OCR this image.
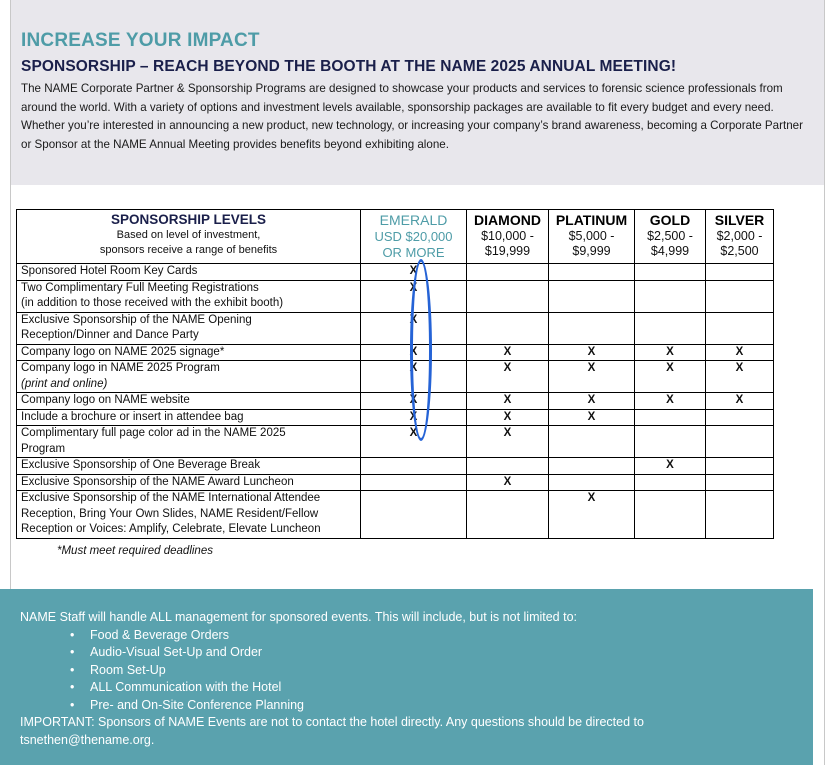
INCREASE YOUR IMPACT
SPONSORSHIP – REACH BEYOND THE BOOTH AT THE NAME 2025 ANNUAL MEETING!

The NAME Corporate Partner & Sponsorship Programs are designed to showcase your products and services to forensic science professionals from around the world. With a variety of options and investment levels available, sponsorship packages are available to fit every budget and every need. Whether you’re interested in announcing a new product, new technology, or increasing your company’s brand awareness, becoming a Corporate Partner or Sponsor at the NAME Annual Meeting provides benefits beyond exhibiting alone.

SPONSORSHIP LEVELS
Based on level of investment,
sponsors receive a range of benefits	EMERALD
USD $20,000
OR MORE	DIAMOND
$10,000 -
$19,999	PLATINUM
$5,000 -
$9,999	GOLD
$2,500 -
$4,999	SILVER
$2,000 -
$2,500

Sponsored Hotel Room Key Cards	X				
Two Complimentary Full Meeting Registrations
(in addition to those received with the exhibit booth)	X				
Exclusive Sponsorship of the NAME Opening
Reception/Dinner and Dance Party	X				
Company logo on NAME 2025 signage*	X	X	X	X	X
Company logo in NAME 2025 Program
(print and online)	X	X	X	X	X
Company logo on NAME website	X	X	X	X	X
Include a brochure or insert in attendee bag	X	X	X		
Complimentary full page color ad in the NAME 2025
Program	X	X			
Exclusive Sponsorship of One Beverage Break				X	
Exclusive Sponsorship of the NAME Award Luncheon		X			
Exclusive Sponsorship of the NAME International Attendee
Reception, Bring Your Own Slides, NAME Resident/Fellow
Reception or Voices: Amplify, Celebrate, Elevate Luncheon			X		
*Must meet required deadlines

NAME Staff will handle ALL management for sponsored events. This will include, but is not limited to:

• Food & Beverage Orders
• Audio-Visual Set-Up and Order
• Room Set-Up
• ALL Communication with the Hotel
• Pre- and On-Site Conference Planning

IMPORTANT: Sponsors of NAME Events are not to contact the hotel directly. Any questions should be directed to

tsnethen@thename.org.
